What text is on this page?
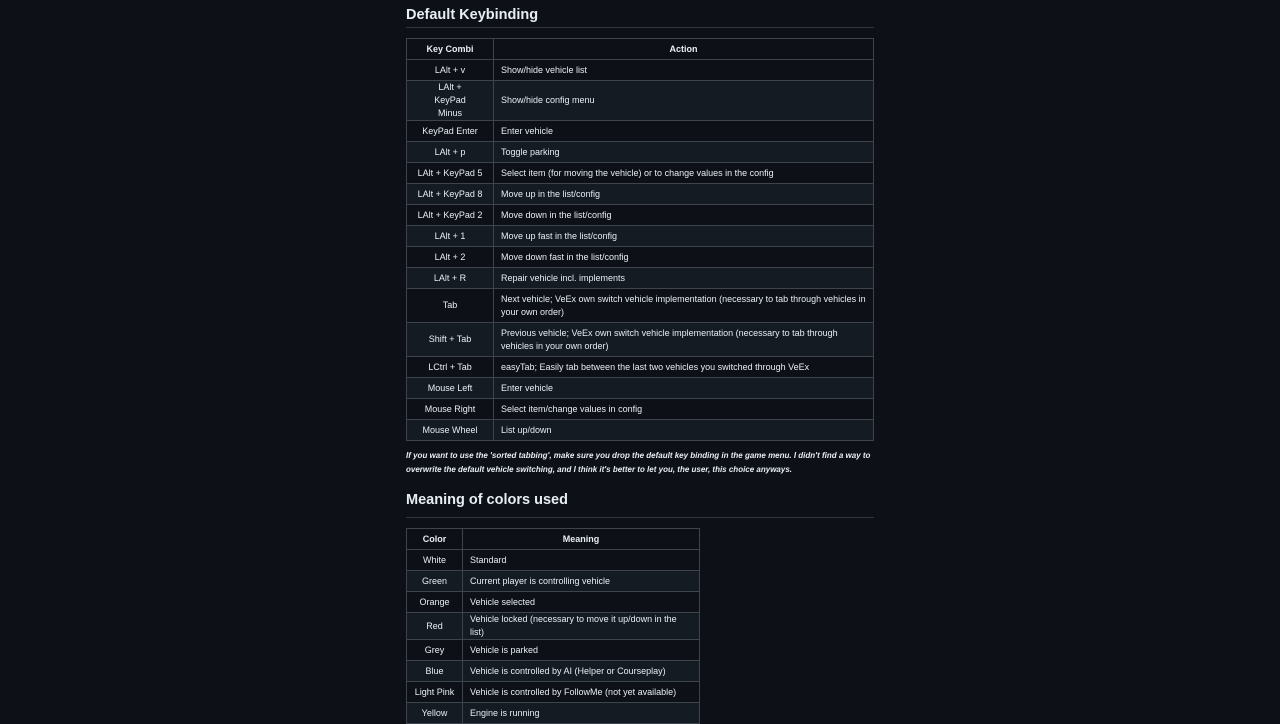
Default Keybinding
Key Combi	Action
LAlt + v	Show/hide vehicle list
LAlt + KeyPad Minus	Show/hide config menu
KeyPad Enter	Enter vehicle
LAlt + p	Toggle parking
LAlt + KeyPad 5	Select item (for moving the vehicle) or to change values in the config
LAlt + KeyPad 8	Move up in the list/config
LAlt + KeyPad 2	Move down in the list/config
LAlt + 1	Move up fast in the list/config
LAlt + 2	Move down fast in the list/config
LAlt + R	Repair vehicle incl. implements
Tab	Next vehicle; VeEx own switch vehicle implementation (necessary to tab through vehicles in your own order)
Shift + Tab	Previous vehicle; VeEx own switch vehicle implementation (necessary to tab through vehicles in your own order)
LCtrl + Tab	easyTab; Easily tab between the last two vehicles you switched through VeEx
Mouse Left	Enter vehicle
Mouse Right	Select item/change values in config
Mouse Wheel	List up/down

If you want to use the 'sorted tabbing', make sure you drop the default key binding in the game menu. I didn't find a way to overwrite the default vehicle switching, and I think it's better to let you, the user, this choice anyways.

Meaning of colors used
Color	Meaning
White	Standard
Green	Current player is controlling vehicle
Orange	Vehicle selected
Red	Vehicle locked (necessary to move it up/down in the list)
Grey	Vehicle is parked
Blue	Vehicle is controlled by AI (Helper or Courseplay)
Light Pink	Vehicle is controlled by FollowMe (not yet available)
Yellow	Engine is running
